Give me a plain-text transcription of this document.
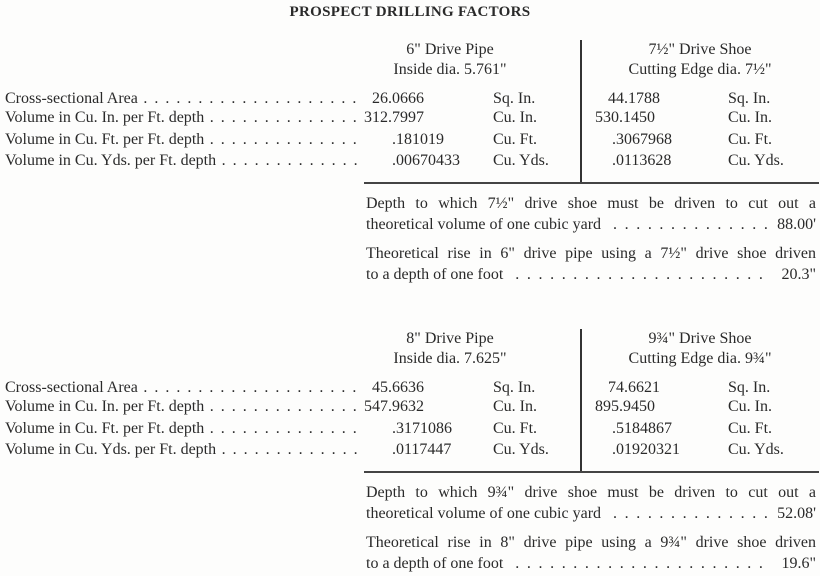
PROSPECT DRILLING FACTORS
6" Drive Pipe
Inside dia. 5.761"
7½" Drive Shoe
Cutting Edge dia. 7½"
Cross-sectional Area . . .	26.0666	Sq. In.	44.1788	Sq. In.
Volume in Cu. In. per Ft. depth . . .	312.7997	Cu. In.	530.1450	Cu. In.
Volume in Cu. Ft. per Ft. depth . . .	.181019	Cu. Ft.	.3067968	Cu. Ft.
Volume in Cu. Yds. per Ft. depth . . .	.00670433 Cu. Yds.	.0113628	Cu. Yds.
Depth to which 7½" drive shoe must be driven to cut out a
theoretical volume of one cubic yard . . .	88.00'
Theoretical rise in 6" drive pipe using a 7½" drive shoe driven
to a depth of one foot . . .	20.3"
8" Drive Pipe
Inside dia. 7.625"
9¾" Drive Shoe
Cutting Edge dia. 9¾"
Cross-sectional Area . . .	45.6636	Sq. In.	74.6621	Sq. In.
Volume in Cu. In. per Ft. depth . . .	547.9632	Cu. In.	895.9450	Cu. In.
Volume in Cu. Ft. per Ft. depth . . .	.3171086	Cu. Ft.	.5184867	Cu. Ft.
Volume in Cu. Yds. per Ft. depth . . .	.0117447	Cu. Yds.	.01920321	Cu. Yds.
Depth to which 9¾" drive shoe must be driven to cut out a
theoretical volume of one cubic yard . . .	52.08'
Theoretical rise in 8" drive pipe using a 9¾" drive shoe driven
to a depth of one foot . . .	19.6"
